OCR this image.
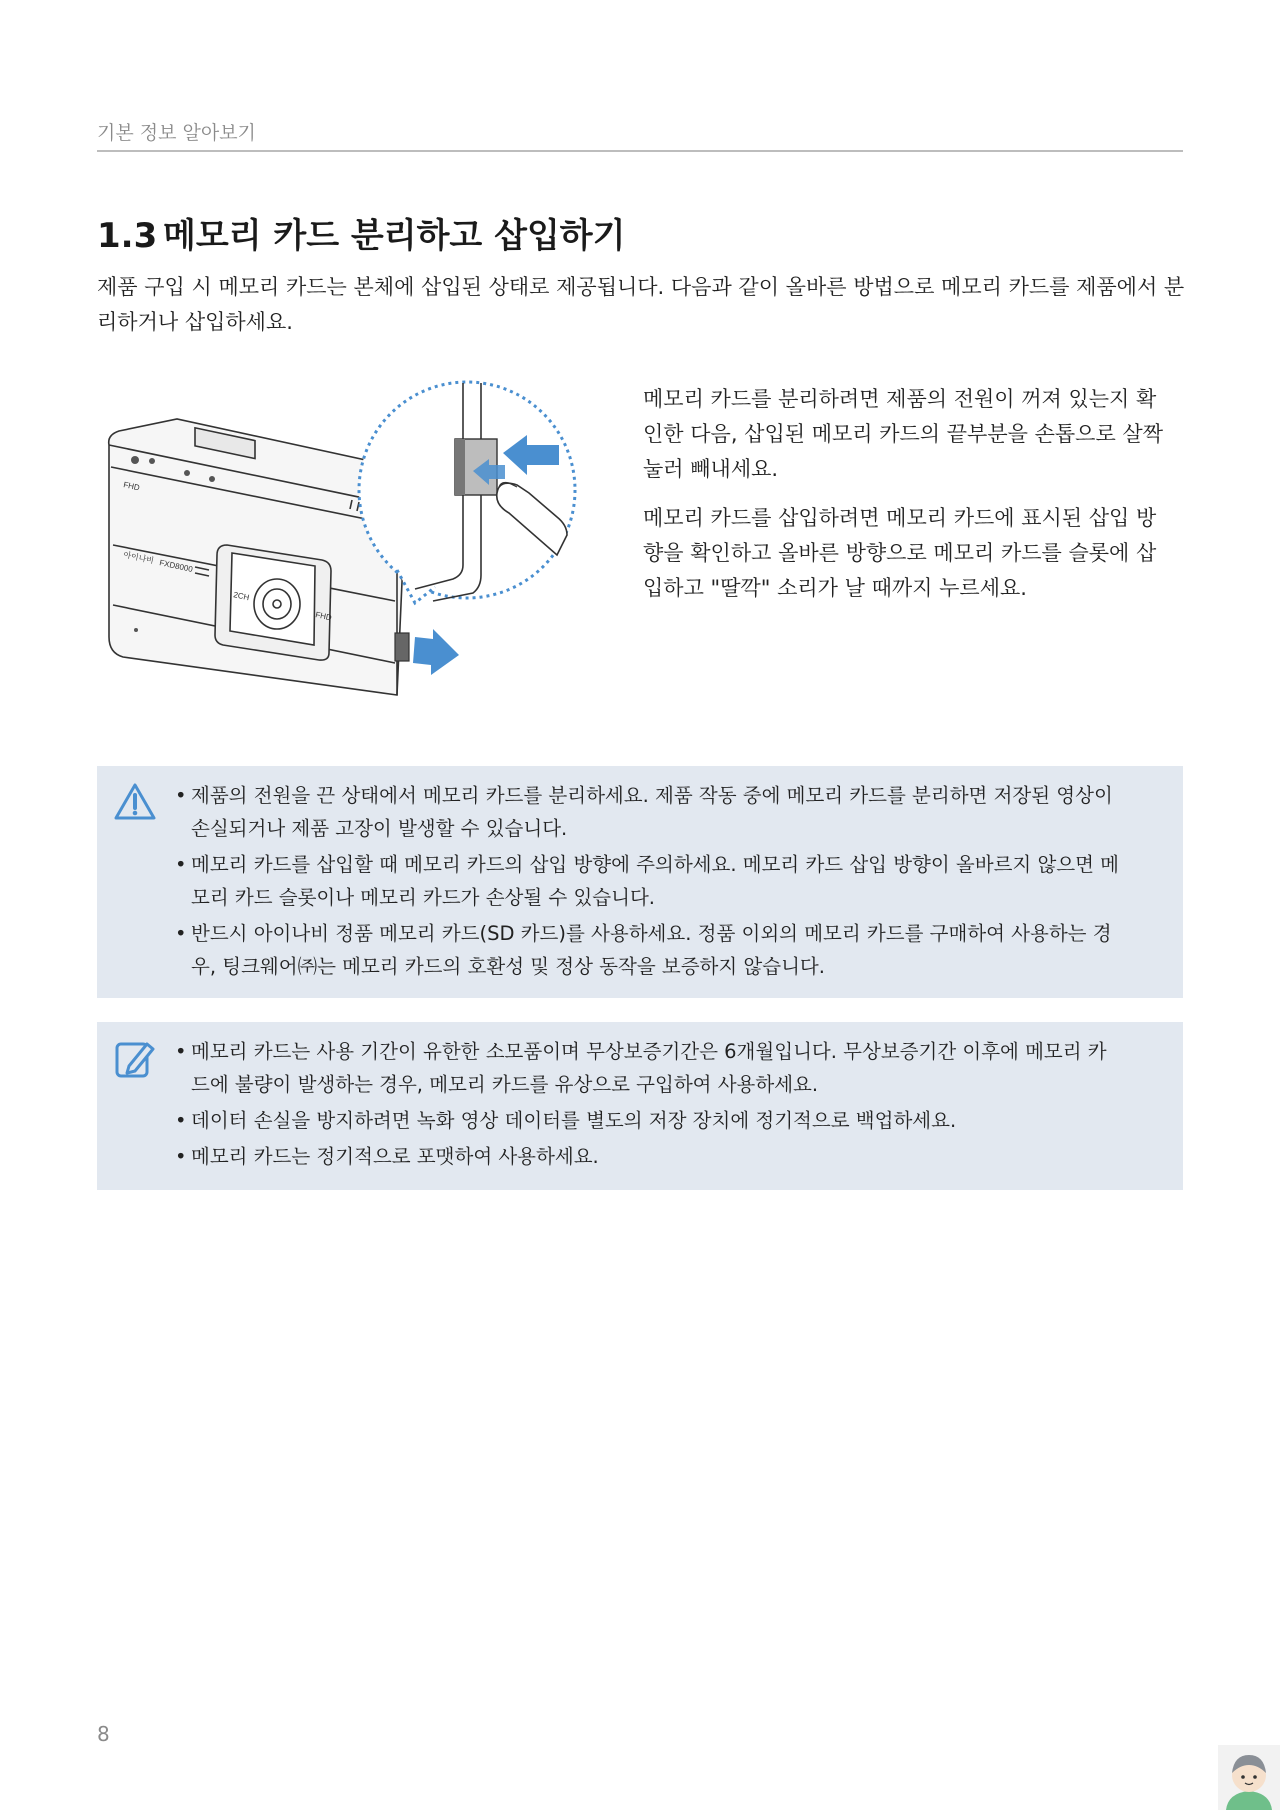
기본 정보 알아보기
1.3 메모리 카드 분리하고 삽입하기
제품 구입 시 메모리 카드는 본체에 삽입된 상태로 제공됩니다. 다음과 같이 올바른 방법으로 메모리 카드를 제품에서 분리하거나 삽입하세요.
FHD
아이나비
FXD8000
2CH
FHD

메모리 카드를 분리하려면 제품의 전원이 꺼져 있는지 확인한 다음, 삽입된 메모리 카드의 끝부분을 손톱으로 살짝 눌러 빼내세요.

메모리 카드를 삽입하려면 메모리 카드에 표시된 삽입 방향을 확인하고 올바른 방향으로 메모리 카드를 슬롯에 삽입하고 "딸깍" 소리가 날 때까지 누르세요.

• 제품의 전원을 끈 상태에서 메모리 카드를 분리하세요. 제품 작동 중에 메모리 카드를 분리하면 저장된 영상이 손실되거나 제품 고장이 발생할 수 있습니다.
• 메모리 카드를 삽입할 때 메모리 카드의 삽입 방향에 주의하세요. 메모리 카드 삽입 방향이 올바르지 않으면 메모리 카드 슬롯이나 메모리 카드가 손상될 수 있습니다.
• 반드시 아이나비 정품 메모리 카드(SD 카드)를 사용하세요. 정품 이외의 메모리 카드를 구매하여 사용하는 경우, 팅크웨어㈜는 메모리 카드의 호환성 및 정상 동작을 보증하지 않습니다.
• 메모리 카드는 사용 기간이 유한한 소모품이며 무상보증기간은 6개월입니다. 무상보증기간 이후에 메모리 카드에 불량이 발생하는 경우, 메모리 카드를 유상으로 구입하여 사용하세요.
• 데이터 손실을 방지하려면 녹화 영상 데이터를 별도의 저장 장치에 정기적으로 백업하세요.
• 메모리 카드는 정기적으로 포맷하여 사용하세요.
8
